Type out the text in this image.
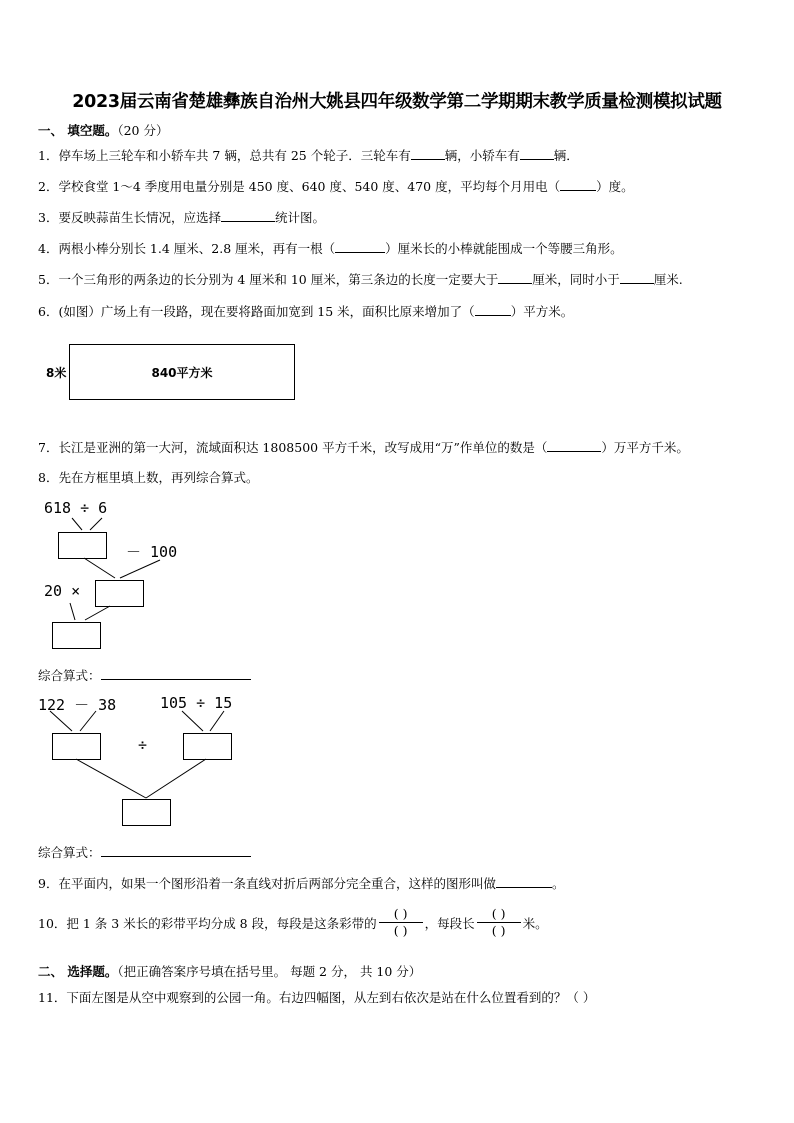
2023届云南省楚雄彝族自治州大姚县四年级数学第二学期期末教学质量检测模拟试题
一、 填空题。（20 分）
1．停车场上三轮车和小轿车共 7 辆，总共有 25 个轮子．三轮车有	辆，小轿车有	辆．
2．学校食堂 1～4 季度用电量分别是 450 度、640 度、540 度、470 度，平均每个月用电（	）度。
3．要反映蒜苗生长情况，应选择	统计图。
4．两根小棒分别长 1.4 厘米、2.8 厘米，再有一根（	）厘米长的小棒就能围成一个等腰三角形。
5．一个三角形的两条边的长分别为 4 厘米和 10 厘米，第三条边的长度一定要大于	厘米，同时小于	厘米.
6．(如图）广场上有一段路，现在要将路面加宽到 15 米，面积比原来增加了（	）平方米。
8米	840平方米
7．长江是亚洲的第一大河，流域面积达 1808500 平方千米，改写成用“万”作单位的数是（	）万平方千米。
8．先在方框里填上数，再列综合算式。
618 ÷ 6
－ 100
20 ×
综合算式：
122 － 38	105 ÷ 15
÷
综合算式：
9．在平面内，如果一个图形沿着一条直线对折后两部分完全重合，这样的图形叫做	。
10．把 1 条 3 米长的彩带平均分成 8 段，每段是这条彩带的 $\frac{( )}{( )}$ ，每段长 $\frac{( )}{( )}$ 米。
二、 选择题。（把正确答案序号填在括号里。 每题 2 分， 共 10 分）
11．下面左图是从空中观察到的公园一角。右边四幅图，从左到右依次是站在什么位置看到的？（ ）
